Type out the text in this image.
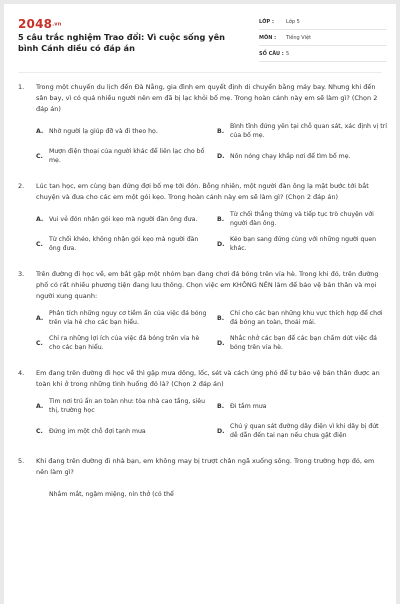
2048.vn
5 câu trắc nghiệm Trao đổi: Vì cuộc sống yên bình Cánh diều có đáp án
LỚP :	Lớp 5
MÔN :	Tiếng Việt
SỐ CÂU : 5
1.	Trong một chuyến du lịch đến Đà Nẵng, gia đình em quyết định di chuyển bằng máy bay. Nhưng khi đến sân bay, vì có quá nhiều người nên em đã bị lạc khỏi bố mẹ. Trong hoàn cảnh này em sẽ làm gì? (Chọn 2 đáp án)
A. Nhờ người lạ giúp đỡ và đi theo họ.	B.
Bình tĩnh đứng yên tại chỗ quan sát, xác định vị trí của bố mẹ.
C.
Mượn điện thoại của người khác để liên lạc cho bố mẹ.
D. Nôn nóng chạy khắp nơi để tìm bố mẹ.
2.	Lúc tan học, em cùng bạn đứng đợi bố mẹ tới đón. Bỗng nhiên, một người đàn ông lạ mặt bước tới bắt chuyện và đưa cho các em một gói kẹo. Trong hoàn cảnh này em sẽ làm gì? (Chọn 2 đáp án)
A. Vui vẻ đón nhận gói kẹo mà người đàn ông đưa.	B.
Từ chối thẳng thừng và tiếp tục trò chuyện với người đàn ông.
C.
Từ chối khéo, không nhận gói kẹo mà người đàn ông đưa.
D.
Kéo bạn sang đứng cùng với những người quen khác.
3.	Trên đường đi học về, em bắt gặp một nhóm bạn đang chơi đá bóng trên vỉa hè. Trong khi đó, trên đường phố có rất nhiều phương tiện đang lưu thông. Chọn việc em KHÔNG NÊN làm để bảo vệ bản thân và mọi người xung quanh:
A.
Phân tích những nguy cơ tiềm ẩn của việc đá bóng trên vỉa hè cho các bạn hiểu.
B.
Chỉ cho các bạn những khu vực thích hợp để chơi đá bóng an toàn, thoải mái.
C.
Chỉ ra những lợi ích của việc đá bóng trên vỉa hè cho các bạn hiểu.
D.
Nhắc nhở các bạn để các bạn chấm dứt việc đá bóng trên vỉa hè.
4.	Em đang trên đường đi học về thì gặp mưa dông, lốc, sét và cách ứng phó để tự bảo vệ bản thân được an toàn khi ở trong những tình huống đó là? (Chọn 2 đáp án)
A.
Tìm nơi trú ẩn an toàn như: tòa nhà cao tầng, siêu thị, trường học
B. Đi tắm mưa
C. Đứng im một chỗ đợi tạnh mưa	D.
Chú ý quan sát đường dây điện vì khi dây bị đứt dễ dẫn đến tai nạn nếu chưa gặt điện
5.	Khi đang trên đường đi nhà bạn, em không may bị trượt chân ngã xuống sông. Trong trường hợp đó, em nên làm gì?
Nhắm mắt, ngậm miệng, nín thở (có thể
